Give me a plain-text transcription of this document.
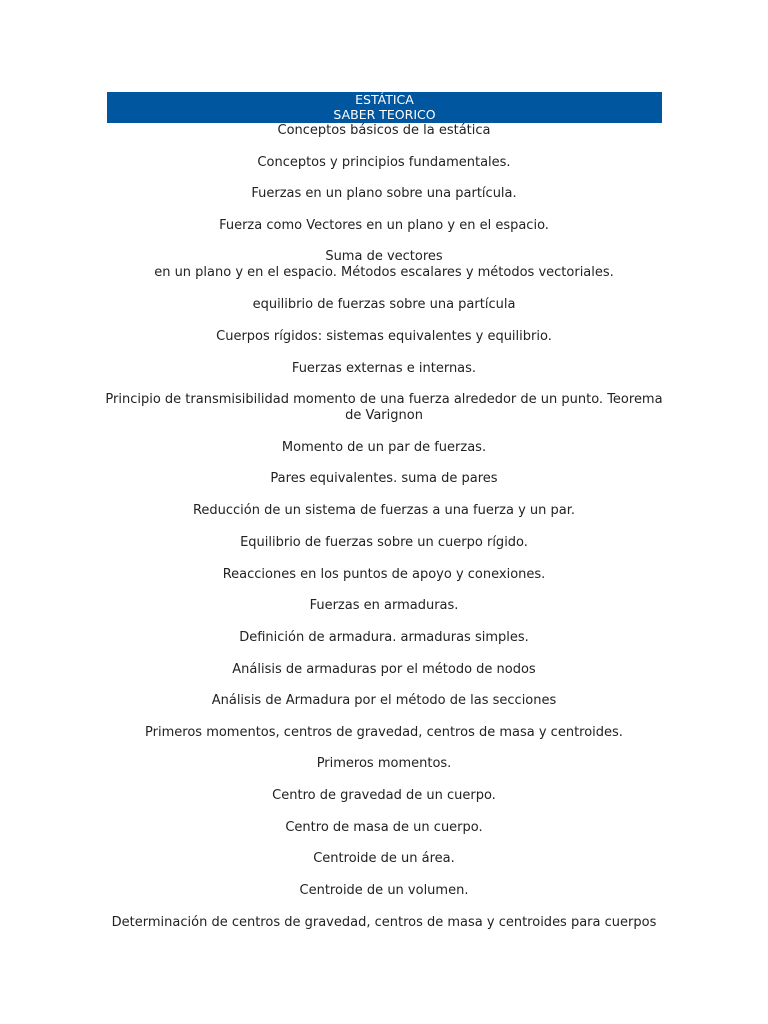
ESTÁTICA
SABER TEORICO
Conceptos básicos de la estática
Conceptos y principios fundamentales.
Fuerzas en un plano sobre una partícula.
Fuerza como Vectores en un plano y en el espacio.
Suma de vectores
en un plano y en el espacio. Métodos escalares y métodos vectoriales.
equilibrio de fuerzas sobre una partícula
Cuerpos rígidos: sistemas equivalentes y equilibrio.
Fuerzas externas e internas.
Principio de transmisibilidad momento de una fuerza alrededor de un punto. Teorema
de Varignon
Momento de un par de fuerzas.
Pares equivalentes. suma de pares
Reducción de un sistema de fuerzas a una fuerza y un par.
Equilibrio de fuerzas sobre un cuerpo rígido.
Reacciones en los puntos de apoyo y conexiones.
Fuerzas en armaduras.
Definición de armadura. armaduras simples.
Análisis de armaduras por el método de nodos
Análisis de Armadura por el método de las secciones
Primeros momentos, centros de gravedad, centros de masa y centroides.
Primeros momentos.
Centro de gravedad de un cuerpo.
Centro de masa de un cuerpo.
Centroide de un área.
Centroide de un volumen.
Determinación de centros de gravedad, centros de masa y centroides para cuerpos
